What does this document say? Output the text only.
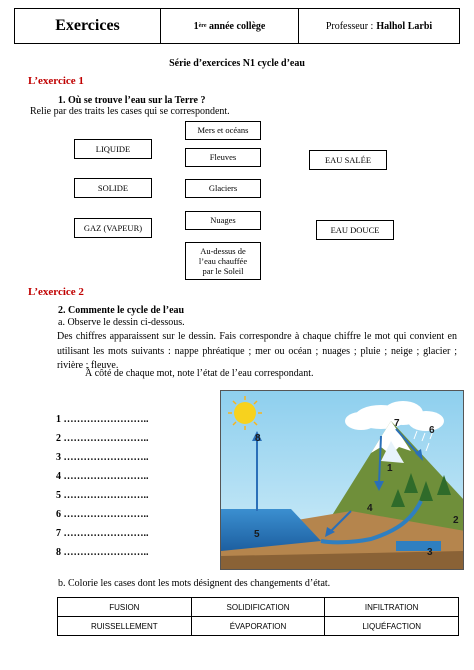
Exercices	1 ère
année collège	Professeur : Halhol Larbi
Série d’exercices N1 cycle d’eau
L’exercice 1
1. Où se trouve l’eau sur la Terre ?
Relie par des traits les cases qui se correspondent.
LIQUIDE
SOLIDE
GAZ (VAPEUR)
Mers et océans
Fleuves
Glaciers
Nuages
Au-dessus de
l’eau chauffée
par le Soleil
EAU SALÉE
EAU DOUCE
L’exercice 2
2. Commente le cycle de l’eau
a. Observe le dessin ci-dessous.
Des chiffres apparaissent sur le dessin. Fais correspondre à chaque chiffre le mot qui convient en utilisant les mots suivants : nappe phréatique ; mer ou océan ; nuages ; pluie ; neige ; glacier ; rivière ; fleuve.
À côté de chaque mot, note l’état de l’eau correspondant.
1 ……………………..
2 ……………………..
3 ……………………..
4 ……………………..
5 ……………………..
6 ……………………..
7 ……………………..
8 ……………………..
1
2
3
4
5
6
7
8
b. Colorie les cases dont les mots désignent des changements d’état.
FUSION	SOLIDIFICATION	INFILTRATION
RUISSELLEMENT	ÉVAPORATION	LIQUÉFACTION
